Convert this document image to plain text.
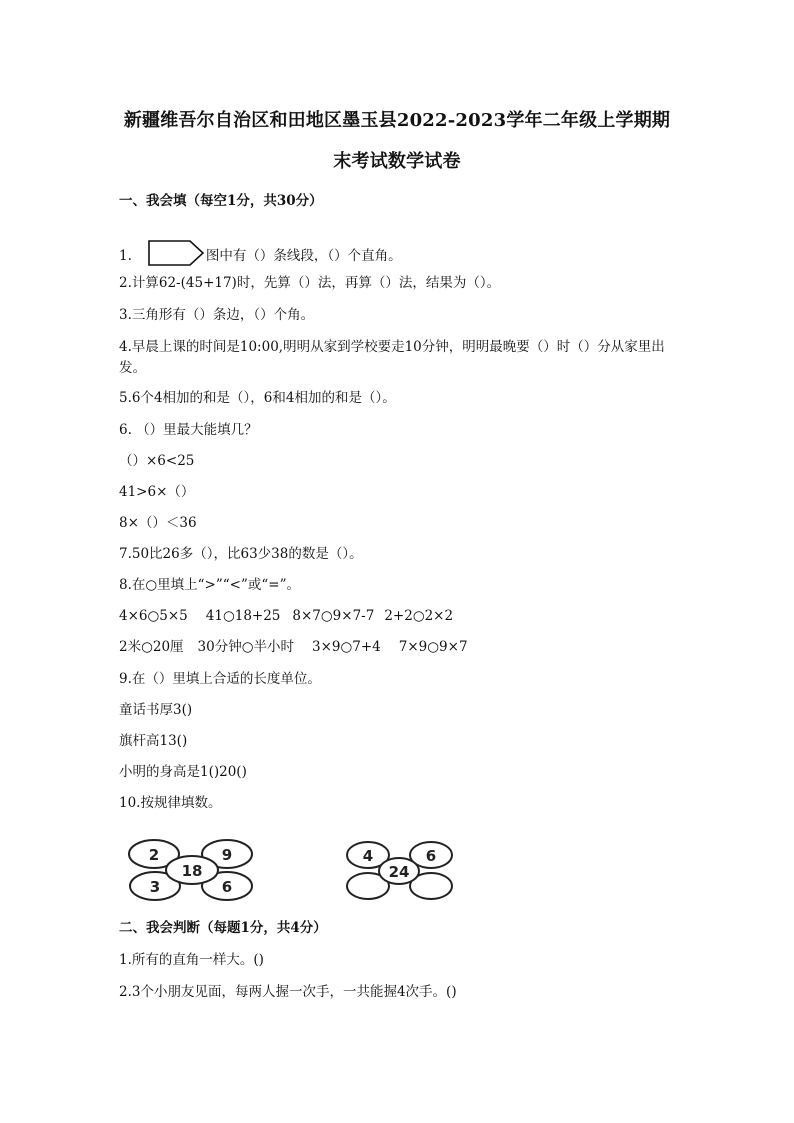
新疆维吾尔自治区和田地区墨玉县2022-2023学年二年级上学期期
末考试数学试卷
一、我会填（每空1分，共30分）
1.	图中有（）条线段，（）个直角。
2.计算62-(45+17)时，先算（）法，再算（）法，结果为（）。
3.三角形有（）条边，（）个角。
4.早晨上课的时间是10:00,明明从家到学校要走10分钟，明明最晚要（）时（）分从家里出发。
5.6个4相加的和是（），6和4相加的和是（）。
6. （）里最大能填几？
（）×6<25
41>6×（）
8×（）＜36
7.50比26多（），比63少38的数是（）。
8.在○里填上“>”“<”或“=”。
4×6○5×5 41○18+25 8×7○9×7-7 2+2○2×2
2米○20厘 30分钟○半小时 3×9○7+4 7×9○9×7
9.在（）里填上合适的长度单位。
童话书厚3()
旗杆高13()
小明的身高是1()20()
10.按规律填数。
2	9
3	6
18
4	6
24
二、我会判断（每题1分，共4分）
1.所有的直角一样大。()
2.3个小朋友见面，每两人握一次手，一共能握4次手。()
